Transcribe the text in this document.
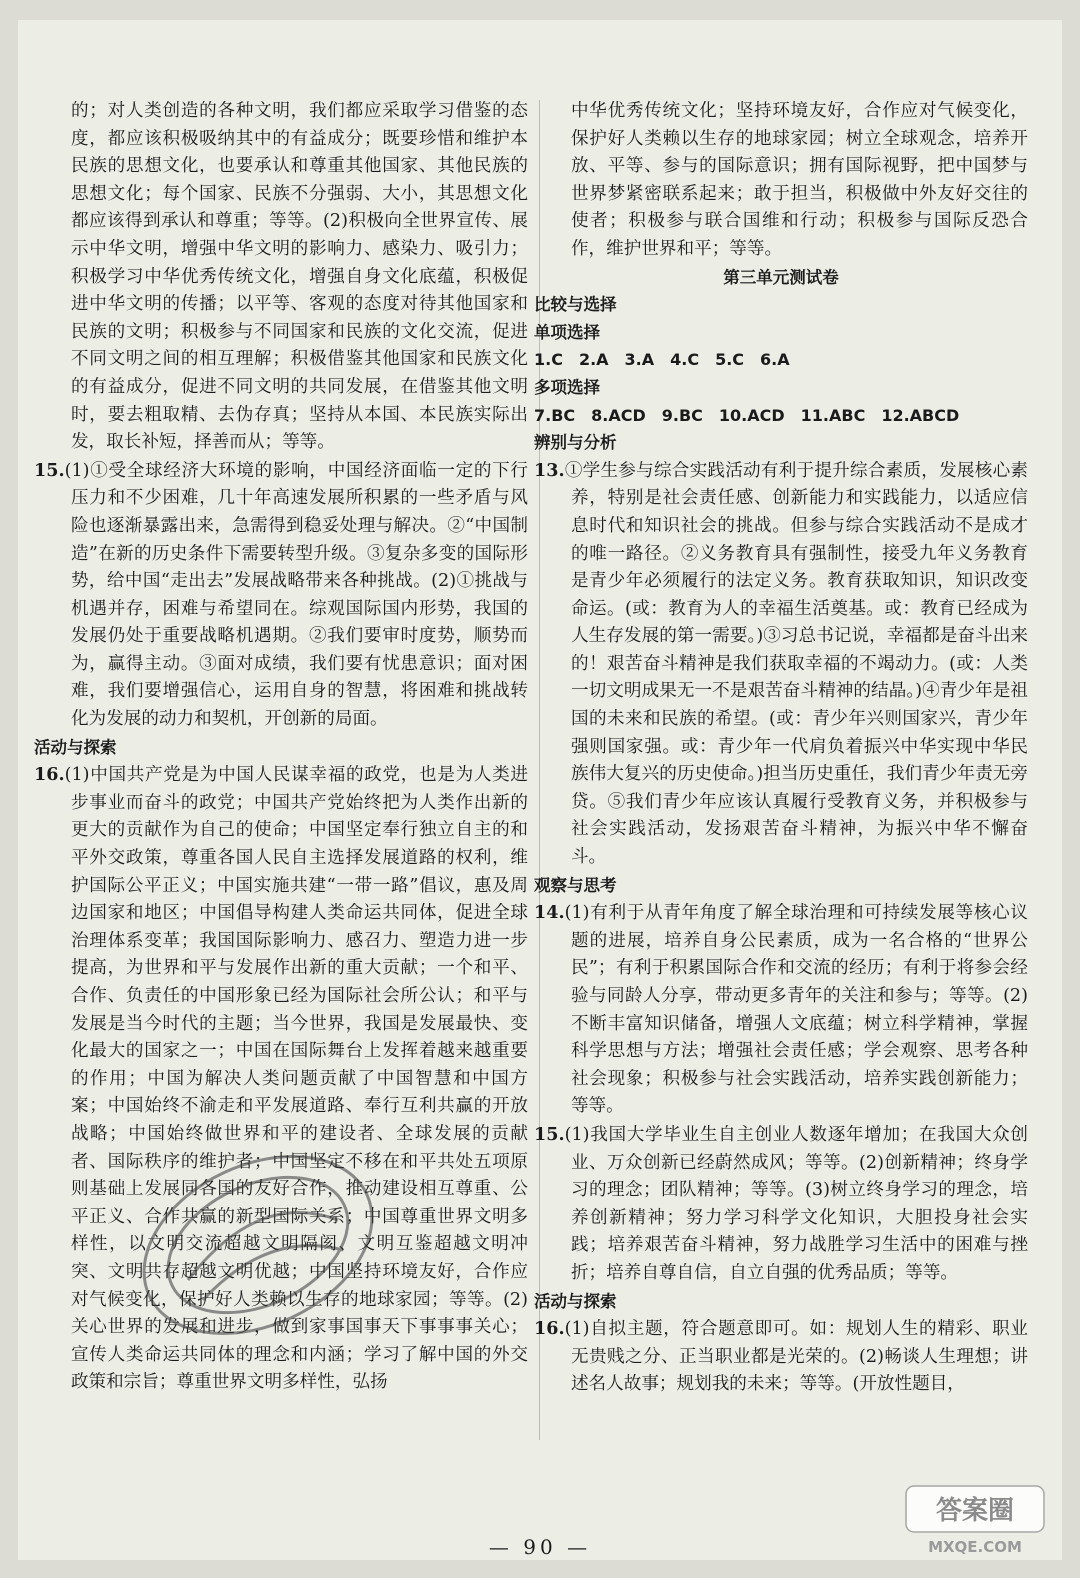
的；对人类创造的各种文明，我们都应采取学习借鉴的态度，都应该积极吸纳其中的有益成分；既要珍惜和维护本民族的思想文化，也要承认和尊重其他国家、其他民族的思想文化；每个国家、民族不分强弱、大小，其思想文化都应该得到承认和尊重；等等。(2)积极向全世界宣传、展示中华文明，增强中华文明的影响力、感染力、吸引力；积极学习中华优秀传统文化，增强自身文化底蕴，积极促进中华文明的传播；以平等、客观的态度对待其他国家和民族的文明；积极参与不同国家和民族的文化交流，促进不同文明之间的相互理解；积极借鉴其他国家和民族文化的有益成分，促进不同文明的共同发展，在借鉴其他文明时，要去粗取精、去伪存真；坚持从本国、本民族实际出发，取长补短，择善而从；等等。

15.(1)①受全球经济大环境的影响，中国经济面临一定的下行压力和不少困难，几十年高速发展所积累的一些矛盾与风险也逐渐暴露出来，急需得到稳妥处理与解决。②“中国制造”在新的历史条件下需要转型升级。③复杂多变的国际形势，给中国“走出去”发展战略带来各种挑战。(2)①挑战与机遇并存，困难与希望同在。综观国际国内形势，我国的发展仍处于重要战略机遇期。②我们要审时度势，顺势而为，赢得主动。③面对成绩，我们要有忧患意识；面对困难，我们要增强信心，运用自身的智慧，将困难和挑战转化为发展的动力和契机，开创新的局面。

活动与探索

16.(1)中国共产党是为中国人民谋幸福的政党，也是为人类进步事业而奋斗的政党；中国共产党始终把为人类作出新的更大的贡献作为自己的使命；中国坚定奉行独立自主的和平外交政策，尊重各国人民自主选择发展道路的权利，维护国际公平正义；中国实施共建“一带一路”倡议，惠及周边国家和地区；中国倡导构建人类命运共同体，促进全球治理体系变革；我国国际影响力、感召力、塑造力进一步提高，为世界和平与发展作出新的重大贡献；一个和平、合作、负责任的中国形象已经为国际社会所公认；和平与发展是当今时代的主题；当今世界，我国是发展最快、变化最大的国家之一；中国在国际舞台上发挥着越来越重要的作用；中国为解决人类问题贡献了中国智慧和中国方案；中国始终不渝走和平发展道路、奉行互利共赢的开放战略；中国始终做世界和平的建设者、全球发展的贡献者、国际秩序的维护者；中国坚定不移在和平共处五项原则基础上发展同各国的友好合作，推动建设相互尊重、公平正义、合作共赢的新型国际关系；中国尊重世界文明多样性，以文明交流超越文明隔阂、文明互鉴超越文明冲突、文明共存超越文明优越；中国坚持环境友好，合作应对气候变化，保护好人类赖以生存的地球家园；等等。(2)关心世界的发展和进步，做到家事国事天下事事事关心；宣传人类命运共同体的理念和内涵；学习了解中国的外交政策和宗旨；尊重世界文明多样性，弘扬

中华优秀传统文化；坚持环境友好，合作应对气候变化，保护好人类赖以生存的地球家园；树立全球观念，培养开放、平等、参与的国际意识；拥有国际视野，把中国梦与世界梦紧密联系起来；敢于担当，积极做中外友好交往的使者；积极参与联合国维和行动；积极参与国际反恐合作，维护世界和平；等等。

第三单元测试卷

比较与选择

单项选择

1.C　2.A　3.A　4.C　5.C　6.A

多项选择

7.BC　8.ACD　9.BC　10.ACD　11.ABC　12.ABCD

辨别与分析

13.①学生参与综合实践活动有利于提升综合素质，发展核心素养，特别是社会责任感、创新能力和实践能力，以适应信息时代和知识社会的挑战。但参与综合实践活动不是成才的唯一路径。②义务教育具有强制性，接受九年义务教育是青少年必须履行的法定义务。教育获取知识，知识改变命运。(或：教育为人的幸福生活奠基。或：教育已经成为人生存发展的第一需要。)③习总书记说，幸福都是奋斗出来的！艰苦奋斗精神是我们获取幸福的不竭动力。(或：人类一切文明成果无一不是艰苦奋斗精神的结晶。)④青少年是祖国的未来和民族的希望。(或：青少年兴则国家兴，青少年强则国家强。或：青少年一代肩负着振兴中华实现中华民族伟大复兴的历史使命。)担当历史重任，我们青少年责无旁贷。⑤我们青少年应该认真履行受教育义务，并积极参与社会实践活动，发扬艰苦奋斗精神，为振兴中华不懈奋斗。

观察与思考

14.(1)有利于从青年角度了解全球治理和可持续发展等核心议题的进展，培养自身公民素质，成为一名合格的“世界公民”；有利于积累国际合作和交流的经历；有利于将参会经验与同龄人分享，带动更多青年的关注和参与；等等。(2)不断丰富知识储备，增强人文底蕴；树立科学精神，掌握科学思想与方法；增强社会责任感；学会观察、思考各种社会现象；积极参与社会实践活动，培养实践创新能力；等等。

15.(1)我国大学毕业生自主创业人数逐年增加；在我国大众创业、万众创新已经蔚然成风；等等。(2)创新精神；终身学习的理念；团队精神；等等。(3)树立终身学习的理念，培养创新精神；努力学习科学文化知识，大胆投身社会实践；培养艰苦奋斗精神，努力战胜学习生活中的困难与挫折；培养自尊自信，自立自强的优秀品质；等等。

活动与探索

16.(1)自拟主题，符合题意即可。如：规划人生的精彩、职业无贵贱之分、正当职业都是光荣的。(2)畅谈人生理想；讲述名人故事；规划我的未来；等等。(开放性题目，

— 90 —
答案圈
MXQE.COM
